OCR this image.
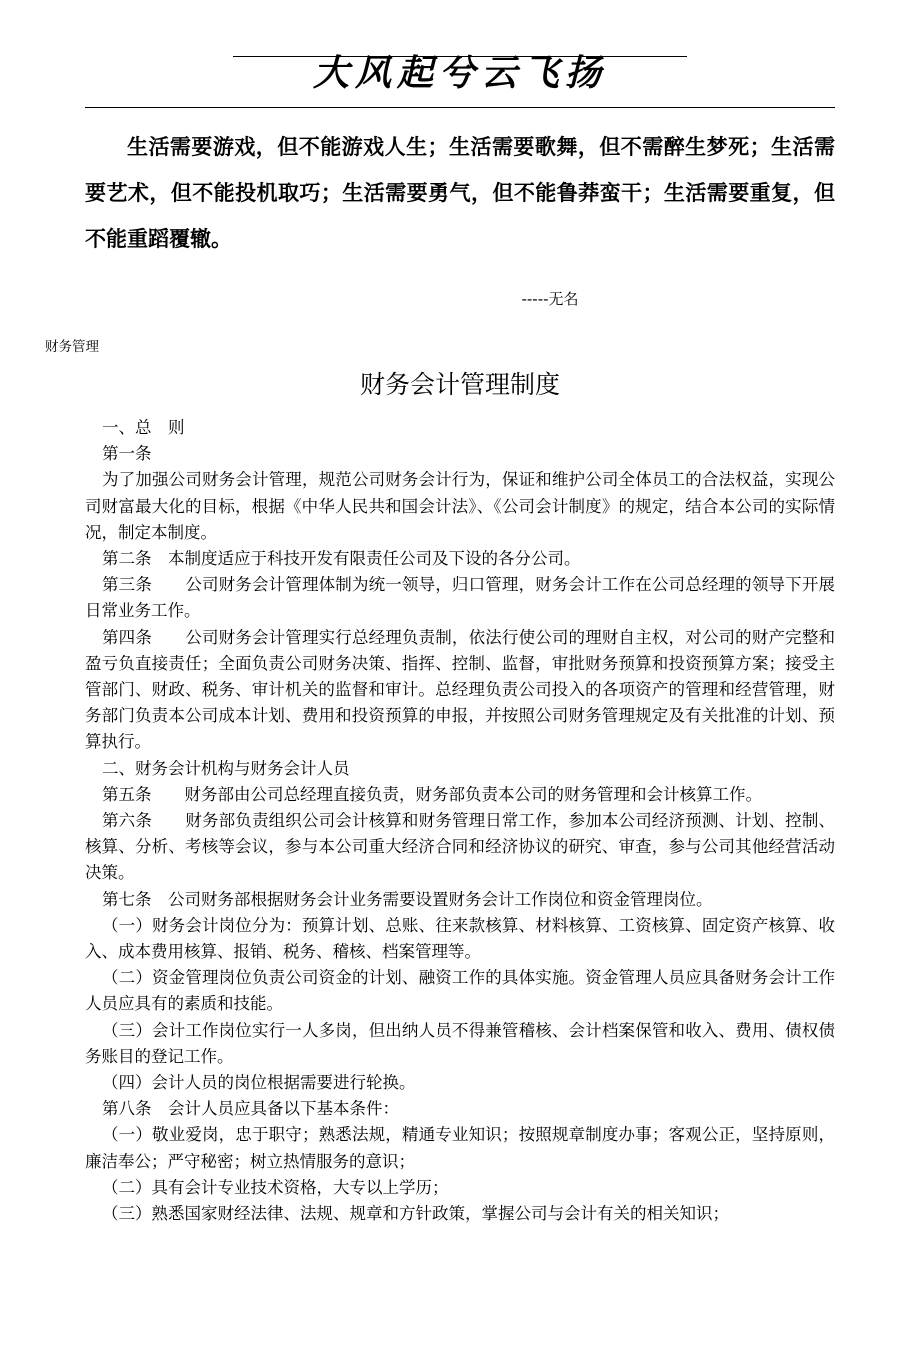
大风起兮云飞扬
生活需要游戏，但不能游戏人生；生活需要歌舞，但不需醉生梦死；生活需要艺术，但不能投机取巧；生活需要勇气，但不能鲁莽蛮干；生活需要重复，但不能重蹈覆辙。
-----无名
财务管理
财务会计管理制度

一、总　则

第一条

为了加强公司财务会计管理，规范公司财务会计行为，保证和维护公司全体员工的合法权益，实现公司财富最大化的目标，根据《中华人民共和国会计法》、《公司会计制度》的规定，结合本公司的实际情况，制定本制度。

第二条　本制度适应于科技开发有限责任公司及下设的各分公司。

第三条　　公司财务会计管理体制为统一领导，归口管理，财务会计工作在公司总经理的领导下开展日常业务工作。

第四条　　公司财务会计管理实行总经理负责制，依法行使公司的理财自主权，对公司的财产完整和盈亏负直接责任；全面负责公司财务决策、指挥、控制、监督，审批财务预算和投资预算方案；接受主管部门、财政、税务、审计机关的监督和审计。总经理负责公司投入的各项资产的管理和经营管理，财务部门负责本公司成本计划、费用和投资预算的申报，并按照公司财务管理规定及有关批准的计划、预算执行。

二、财务会计机构与财务会计人员

第五条　　财务部由公司总经理直接负责，财务部负责本公司的财务管理和会计核算工作。

第六条　　财务部负责组织公司会计核算和财务管理日常工作，参加本公司经济预测、计划、控制、核算、分析、考核等会议，参与本公司重大经济合同和经济协议的研究、审查，参与公司其他经营活动决策。

第七条　公司财务部根据财务会计业务需要设置财务会计工作岗位和资金管理岗位。

（一）财务会计岗位分为：预算计划、总账、往来款核算、材料核算、工资核算、固定资产核算、收入、成本费用核算、报销、税务、稽核、档案管理等。

（二）资金管理岗位负责公司资金的计划、融资工作的具体实施。资金管理人员应具备财务会计工作人员应具有的素质和技能。

（三）会计工作岗位实行一人多岗，但出纳人员不得兼管稽核、会计档案保管和收入、费用、债权债务账目的登记工作。

（四）会计人员的岗位根据需要进行轮换。

第八条　会计人员应具备以下基本条件：

（一）敬业爱岗，忠于职守；熟悉法规，精通专业知识；按照规章制度办事；客观公正，坚持原则，廉洁奉公；严守秘密；树立热情服务的意识；

（二）具有会计专业技术资格，大专以上学历；

（三）熟悉国家财经法律、法规、规章和方针政策，掌握公司与会计有关的相关知识；
